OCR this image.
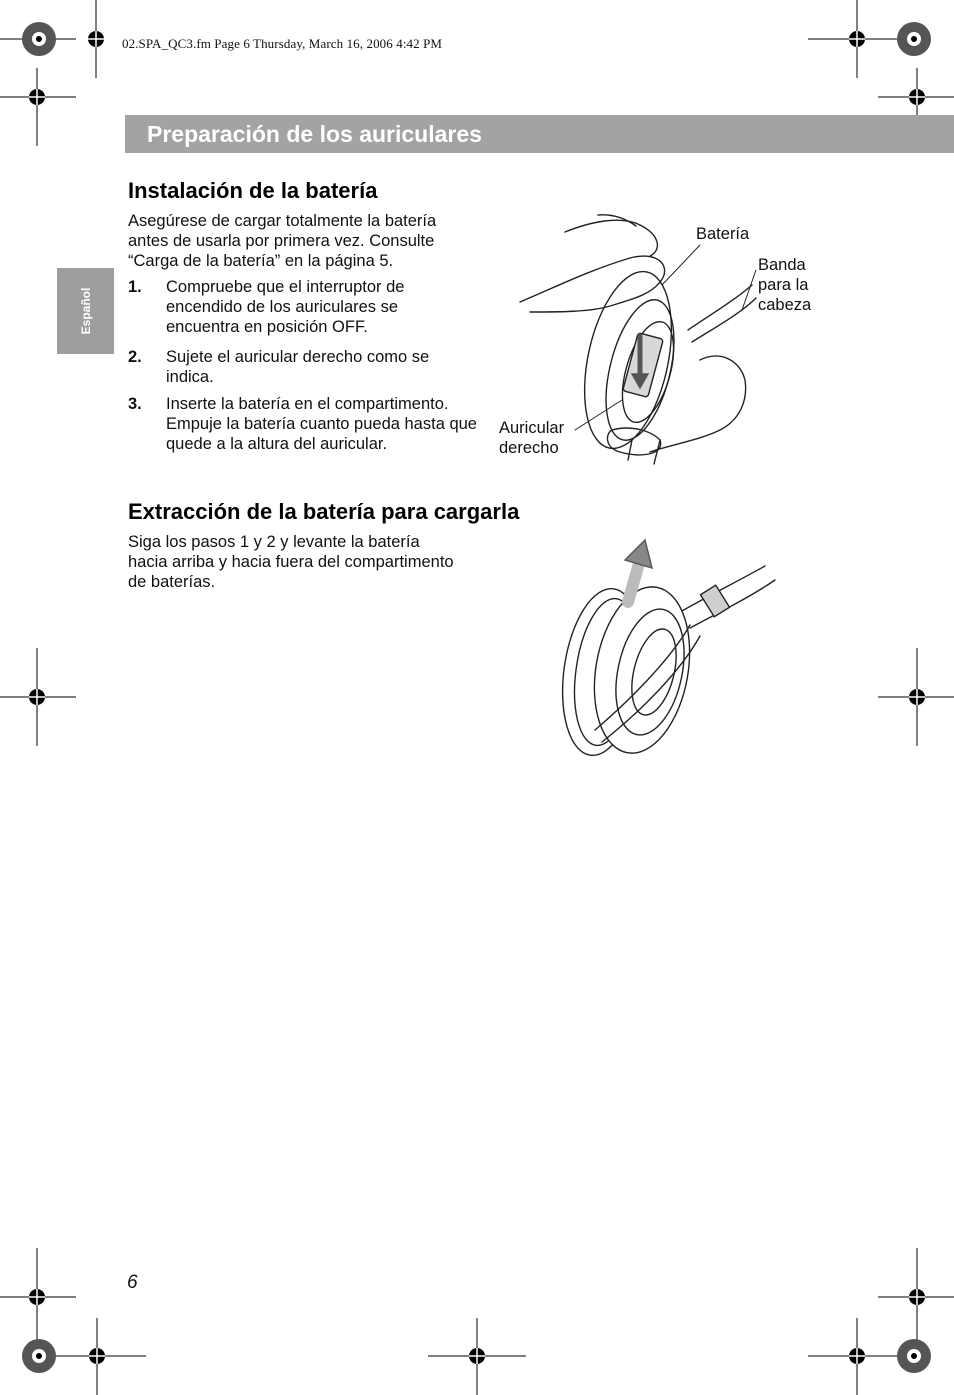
02.SPA_QC3.fm Page 6 Thursday, March 16, 2006 4:42 PM
Preparación de los auriculares
Español
Instalación de la batería
Asegúrese de cargar totalmente la batería antes de usarla por primera vez. Consulte “Carga de la batería” en la página 5.
1. Compruebe que el interruptor de encendido de los auriculares se encuentra en posición OFF.
2. Sujete el auricular derecho como se indica.
3. Inserte la batería en el compartimento. Empuje la batería cuanto pueda hasta que quede a la altura del auricular.
Batería
Banda
para la
cabeza
Auricular
derecho
Extracción de la batería para cargarla
Siga los pasos 1 y 2 y levante la batería hacia arriba y hacia fuera del compartimento de baterías.
6
